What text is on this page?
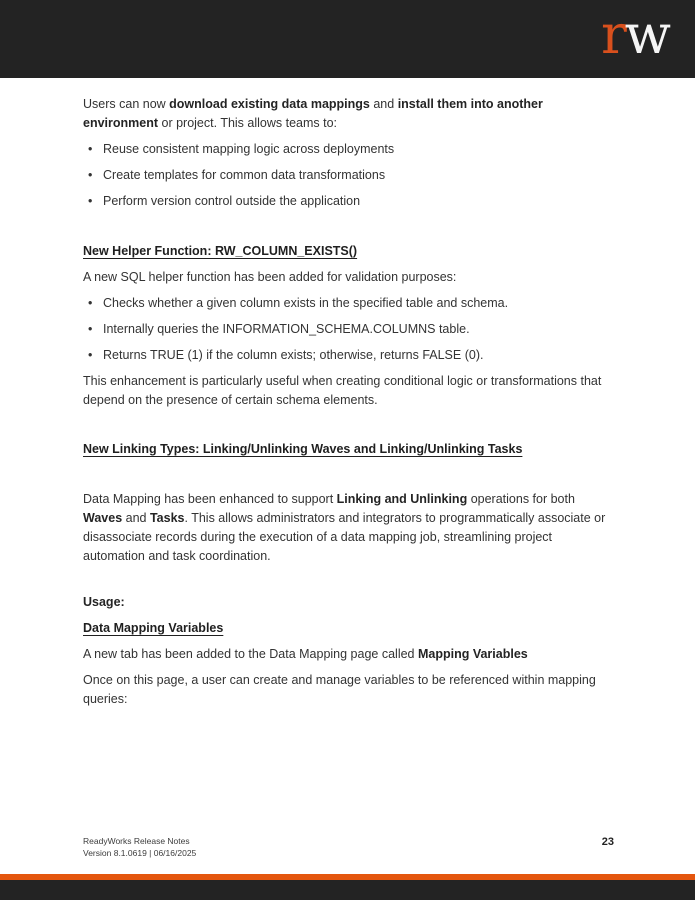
rw

Users can now download existing data mappings and install them into another environment or project. This allows teams to:

• Reuse consistent mapping logic across deployments
• Create templates for common data transformations
• Perform version control outside the application
New Helper Function: RW_COLUMN_EXISTS()

A new SQL helper function has been added for validation purposes:

• Checks whether a given column exists in the specified table and schema.
• Internally queries the INFORMATION_SCHEMA.COLUMNS table.
• Returns TRUE (1) if the column exists; otherwise, returns FALSE (0).

This enhancement is particularly useful when creating conditional logic or transformations that depend on the presence of certain schema elements.

New Linking Types: Linking/Unlinking Waves and Linking/Unlinking Tasks

Data Mapping has been enhanced to support Linking and Unlinking operations for both Waves and Tasks. This allows administrators and integrators to programmatically associate or disassociate records during the execution of a data mapping job, streamlining project automation and task coordination.

Usage:

Data Mapping Variables

A new tab has been added to the Data Mapping page called Mapping Variables

Once on this page, a user can create and manage variables to be referenced within mapping queries:

ReadyWorks Release Notes
Version 8.1.0619 | 06/16/2025
23
